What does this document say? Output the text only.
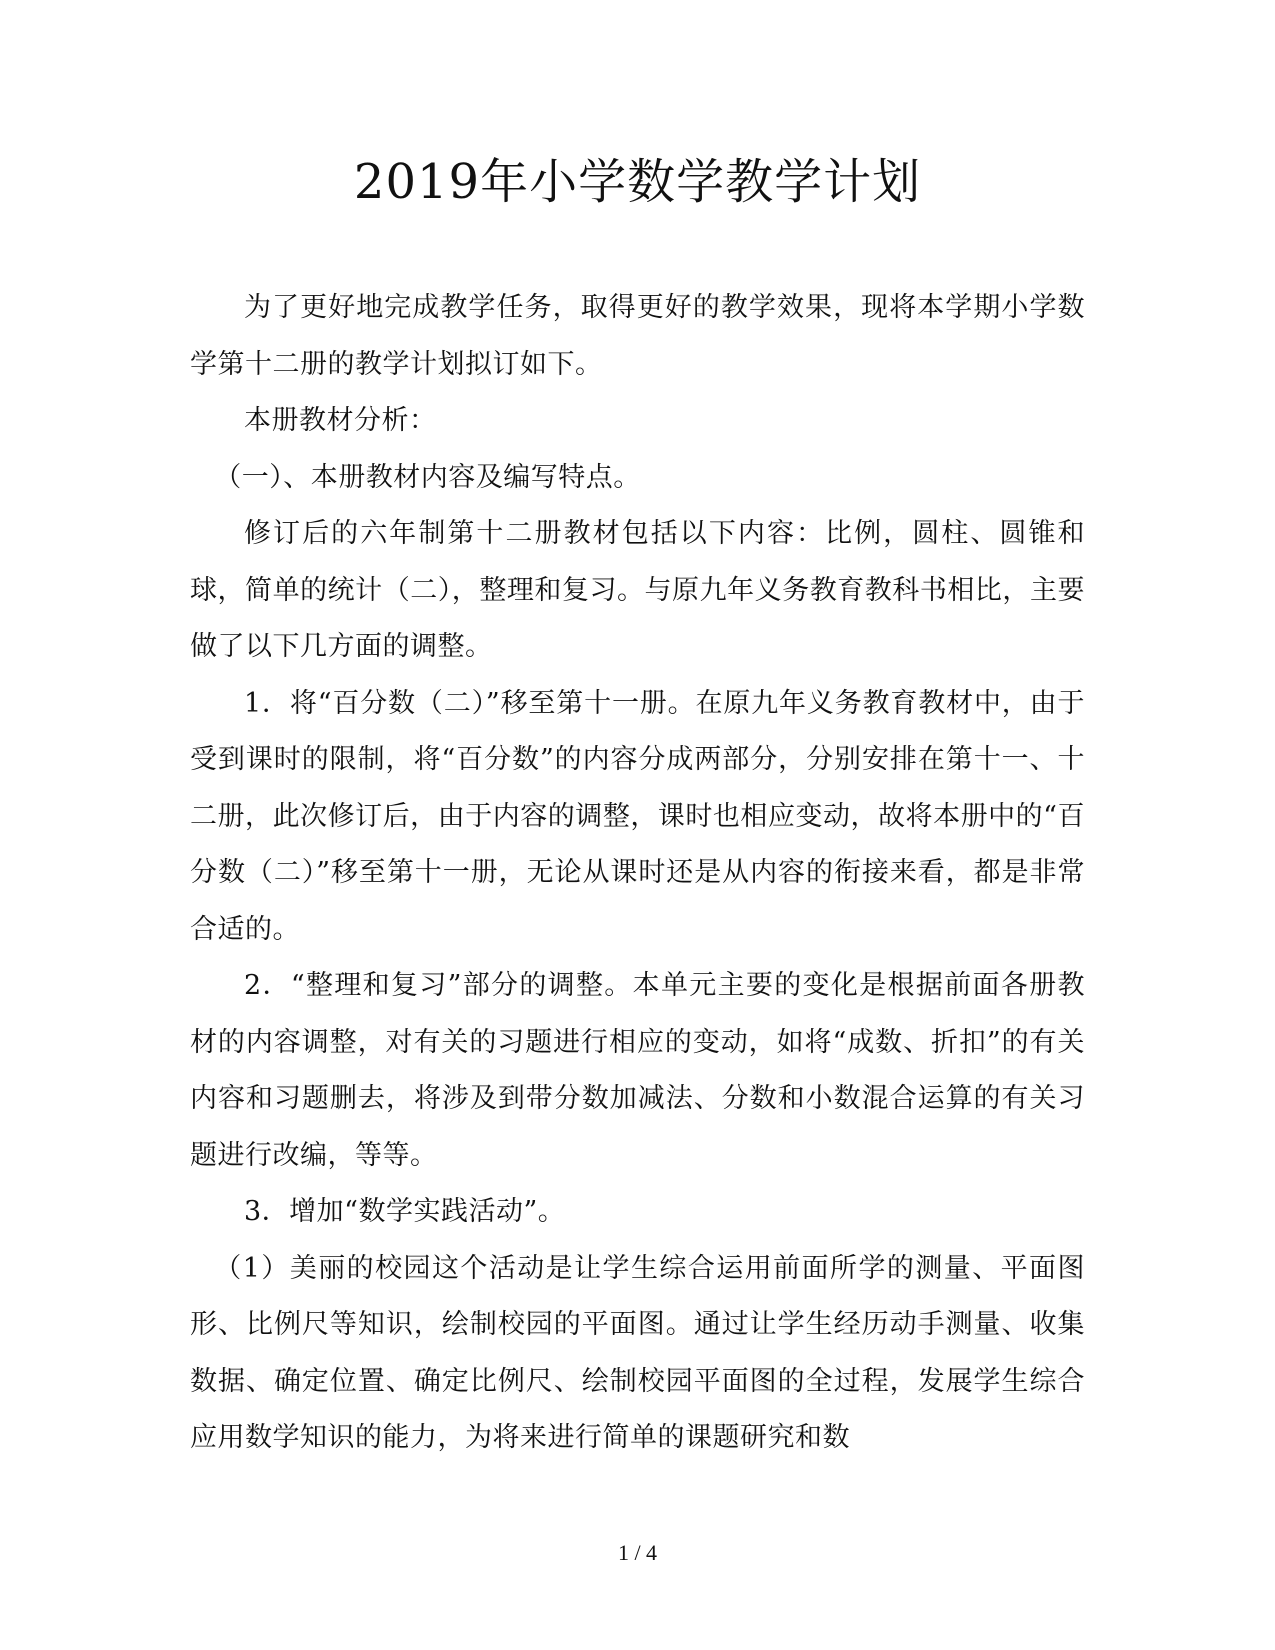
2019年小学数学教学计划

为了更好地完成教学任务，取得更好的教学效果，现将本学期小学数学第十二册的教学计划拟订如下。

本册教材分析：

（一）、本册教材内容及编写特点。

修订后的六年制第十二册教材包括以下内容：比例，圆柱、圆锥和球，简单的统计（二），整理和复习。与原九年义务教育教科书相比，主要做了以下几方面的调整。

1．将“百分数（二）”移至第十一册。在原九年义务教育教材中，由于受到课时的限制，将“百分数”的内容分成两部分，分别安排在第十一、十二册，此次修订后，由于内容的调整，课时也相应变动，故将本册中的“百分数（二）”移至第十一册，无论从课时还是从内容的衔接来看，都是非常合适的。

2．“整理和复习”部分的调整。本单元主要的变化是根据前面各册教材的内容调整，对有关的习题进行相应的变动，如将“成数、折扣”的有关内容和习题删去，将涉及到带分数加减法、分数和小数混合运算的有关习题进行改编，等等。

3．增加“数学实践活动”。

（1）美丽的校园这个活动是让学生综合运用前面所学的测量、平面图形、比例尺等知识，绘制校园的平面图。通过让学生经历动手测量、收集数据、确定位置、确定比例尺、绘制校园平面图的全过程，发展学生综合应用数学知识的能力，为将来进行简单的课题研究和数

1 / 4
